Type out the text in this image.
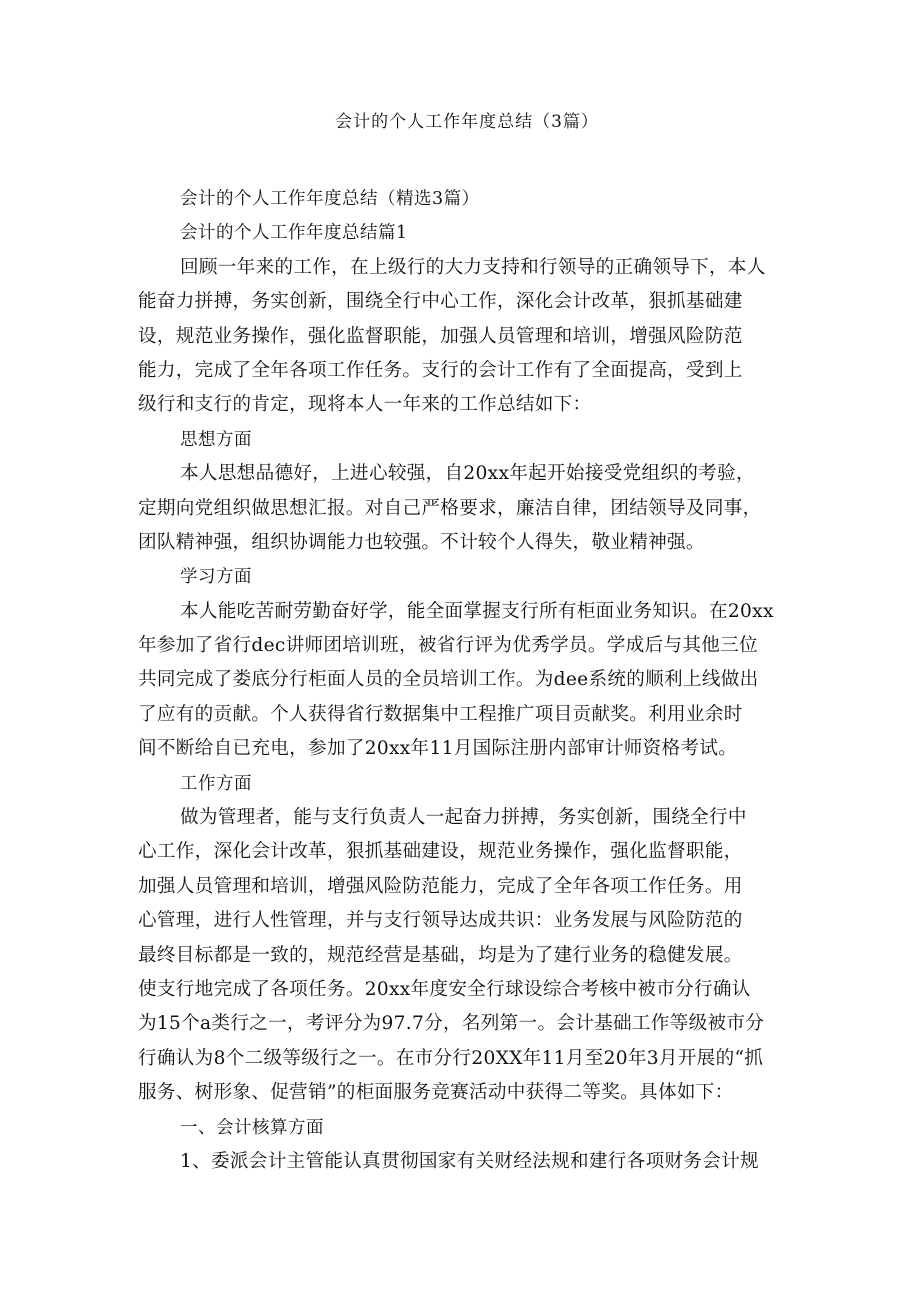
会计的个人工作年度总结（3篇）
会计的个人工作年度总结（精选3篇）
会计的个人工作年度总结篇1
回顾一年来的工作，在上级行的大力支持和行领导的正确领导下，本人
能奋力拼搏，务实创新，围绕全行中心工作，深化会计改革，狠抓基础建
设，规范业务操作，强化监督职能，加强人员管理和培训，增强风险防范
能力，完成了全年各项工作任务。支行的会计工作有了全面提高，受到上
级行和支行的肯定，现将本人一年来的工作总结如下：
思想方面
本人思想品德好，上进心较强，自20xx年起开始接受党组织的考验，
定期向党组织做思想汇报。对自己严格要求，廉洁自律，团结领导及同事，
团队精神强，组织协调能力也较强。不计较个人得失，敬业精神强。
学习方面
本人能吃苦耐劳勤奋好学，能全面掌握支行所有柜面业务知识。在20xx
年参加了省行dec讲师团培训班，被省行评为优秀学员。学成后与其他三位
共同完成了娄底分行柜面人员的全员培训工作。为dee系统的顺利上线做出
了应有的贡献。个人获得省行数据集中工程推广项目贡献奖。利用业余时
间不断给自已充电，参加了20xx年11月国际注册内部审计师资格考试。
工作方面
做为管理者，能与支行负责人一起奋力拼搏，务实创新，围绕全行中
心工作，深化会计改革，狠抓基础建设，规范业务操作，强化监督职能，
加强人员管理和培训，增强风险防范能力，完成了全年各项工作任务。用
心管理，进行人性管理，并与支行领导达成共识：业务发展与风险防范的
最终目标都是一致的，规范经营是基础，均是为了建行业务的稳健发展。
使支行地完成了各项任务。20xx年度安全行球设综合考核中被市分行确认
为15个a类行之一，考评分为97.7分，名列第一。会计基础工作等级被市分
行确认为8个二级等级行之一。在市分行20XX年11月至20年3月开展的“抓
服务、树形象、促营销”的柜面服务竞赛活动中获得二等奖。具体如下：
一、会计核算方面
1、委派会计主管能认真贯彻国家有关财经法规和建行各项财务会计规
